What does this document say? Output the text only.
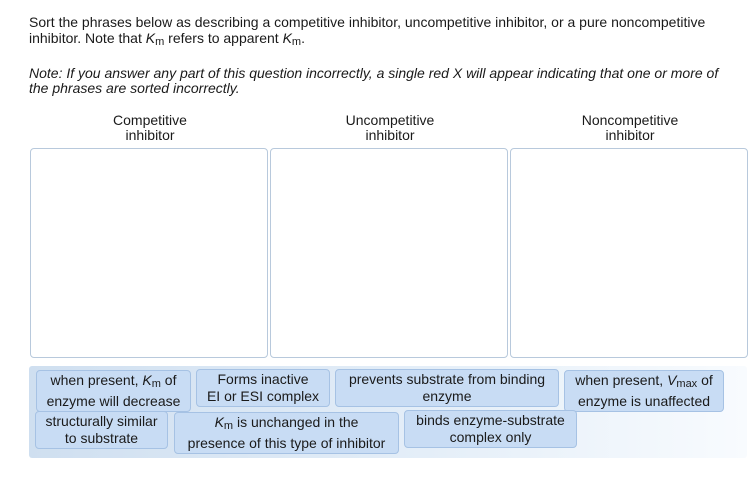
Sort the phrases below as describing a competitive inhibitor, uncompetitive inhibitor, or a pure noncompetitive inhibitor. Note that Km refers to apparent Km.
Note: If you answer any part of this question incorrectly, a single red X will appear indicating that one or more of the phrases are sorted incorrectly.
Competitive
inhibitor
Uncompetitive
inhibitor
Noncompetitive
inhibitor
when present, Km of
enzyme will decrease
Forms inactive
EI or ESI complex
prevents substrate from binding
enzyme
when present, Vmax of
enzyme is unaffected
structurally similar
to substrate
Km is unchanged in the
presence of this type of inhibitor
binds enzyme-substrate
complex only
